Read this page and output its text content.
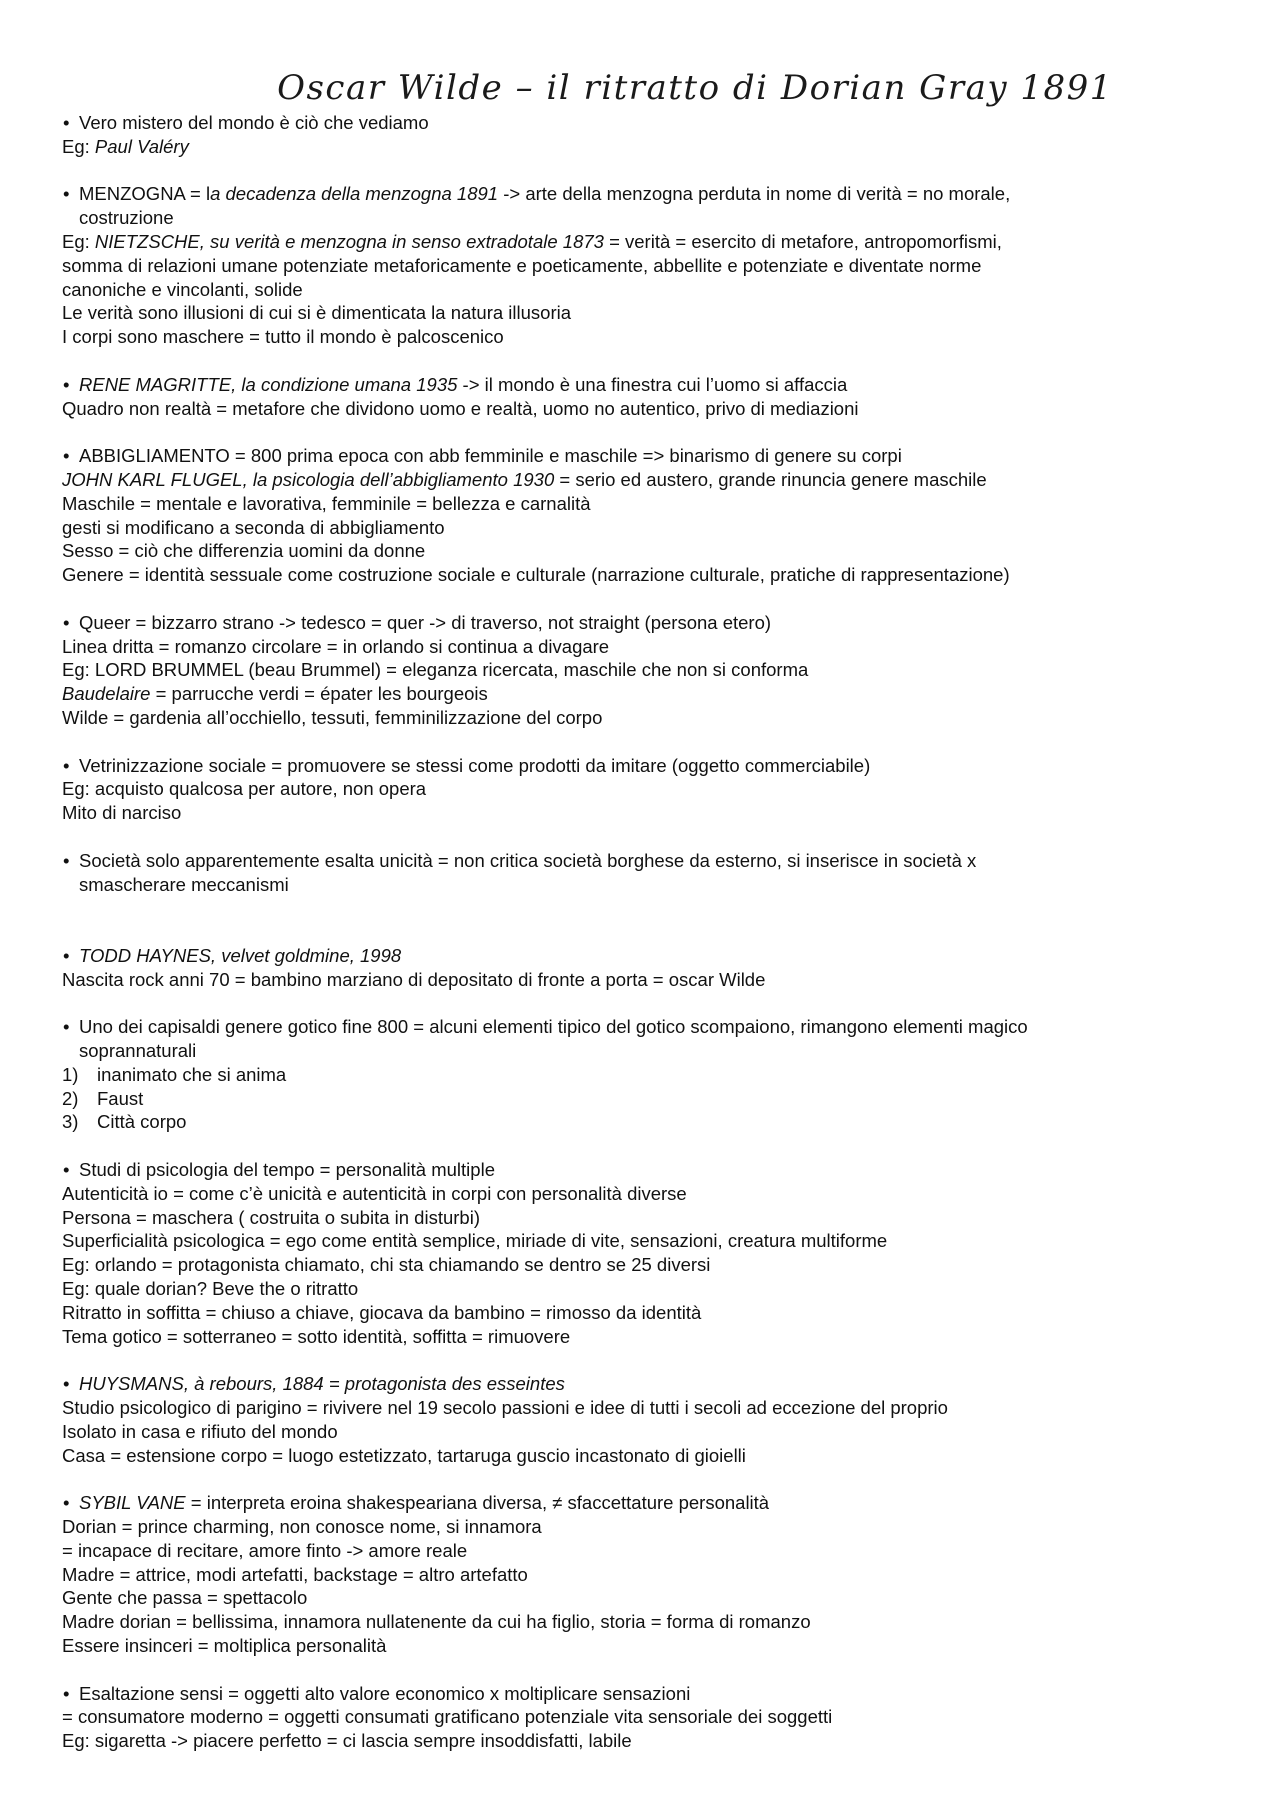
Oscar Wilde – il ritratto di Dorian Gray 1891
• Vero mistero del mondo è ciò che vediamo
Eg: Paul Valéry
• MENZOGNA = la decadenza della menzogna 1891 -> arte della menzogna perduta in nome di verità = no morale,
costruzione
Eg: NIETZSCHE, su verità e menzogna in senso extradotale 1873 = verità = esercito di metafore, antropomorfismi,
somma di relazioni umane potenziate metaforicamente e poeticamente, abbellite e potenziate e diventate norme
canoniche e vincolanti, solide
Le verità sono illusioni di cui si è dimenticata la natura illusoria
I corpi sono maschere = tutto il mondo è palcoscenico
• RENE MAGRITTE, la condizione umana 1935 -> il mondo è una finestra cui l’uomo si affaccia
Quadro non realtà = metafore che dividono uomo e realtà, uomo no autentico, privo di mediazioni
• ABBIGLIAMENTO = 800 prima epoca con abb femminile e maschile => binarismo di genere su corpi
JOHN KARL FLUGEL, la psicologia dell’abbigliamento 1930 = serio ed austero, grande rinuncia genere maschile
Maschile = mentale e lavorativa, femminile = bellezza e carnalità
gesti si modificano a seconda di abbigliamento
Sesso = ciò che differenzia uomini da donne
Genere = identità sessuale come costruzione sociale e culturale (narrazione culturale, pratiche di rappresentazione)
• Queer = bizzarro strano -> tedesco = quer -> di traverso, not straight (persona etero)
Linea dritta = romanzo circolare = in orlando si continua a divagare
Eg: LORD BRUMMEL (beau Brummel) = eleganza ricercata, maschile che non si conforma
Baudelaire = parrucche verdi = épater les bourgeois
Wilde = gardenia all’occhiello, tessuti, femminilizzazione del corpo
• Vetrinizzazione sociale = promuovere se stessi come prodotti da imitare (oggetto commerciabile)
Eg: acquisto qualcosa per autore, non opera
Mito di narciso
• Società solo apparentemente esalta unicità = non critica società borghese da esterno, si inserisce in società x
smascherare meccanismi
• TODD HAYNES, velvet goldmine, 1998
Nascita rock anni 70 = bambino marziano di depositato di fronte a porta = oscar Wilde
• Uno dei capisaldi genere gotico fine 800 = alcuni elementi tipico del gotico scompaiono, rimangono elementi magico
soprannaturali
1) inanimato che si anima
2) Faust
3) Città corpo
• Studi di psicologia del tempo = personalità multiple
Autenticità io = come c’è unicità e autenticità in corpi con personalità diverse
Persona = maschera ( costruita o subita in disturbi)
Superficialità psicologica = ego come entità semplice, miriade di vite, sensazioni, creatura multiforme
Eg: orlando = protagonista chiamato, chi sta chiamando se dentro se 25 diversi
Eg: quale dorian? Beve the o ritratto
Ritratto in soffitta = chiuso a chiave, giocava da bambino = rimosso da identità
Tema gotico = sotterraneo = sotto identità, soffitta = rimuovere
• HUYSMANS, à rebours, 1884 = protagonista des esseintes
Studio psicologico di parigino = rivivere nel 19 secolo passioni e idee di tutti i secoli ad eccezione del proprio
Isolato in casa e rifiuto del mondo
Casa = estensione corpo = luogo estetizzato, tartaruga guscio incastonato di gioielli
• SYBIL VANE = interpreta eroina shakespeariana diversa, ≠ sfaccettature personalità
Dorian = prince charming, non conosce nome, si innamora
= incapace di recitare, amore finto -> amore reale
Madre = attrice, modi artefatti, backstage = altro artefatto
Gente che passa = spettacolo
Madre dorian = bellissima, innamora nullatenente da cui ha figlio, storia = forma di romanzo
Essere insinceri = moltiplica personalità
• Esaltazione sensi = oggetti alto valore economico x moltiplicare sensazioni
= consumatore moderno = oggetti consumati gratificano potenziale vita sensoriale dei soggetti
Eg: sigaretta -> piacere perfetto = ci lascia sempre insoddisfatti, labile
